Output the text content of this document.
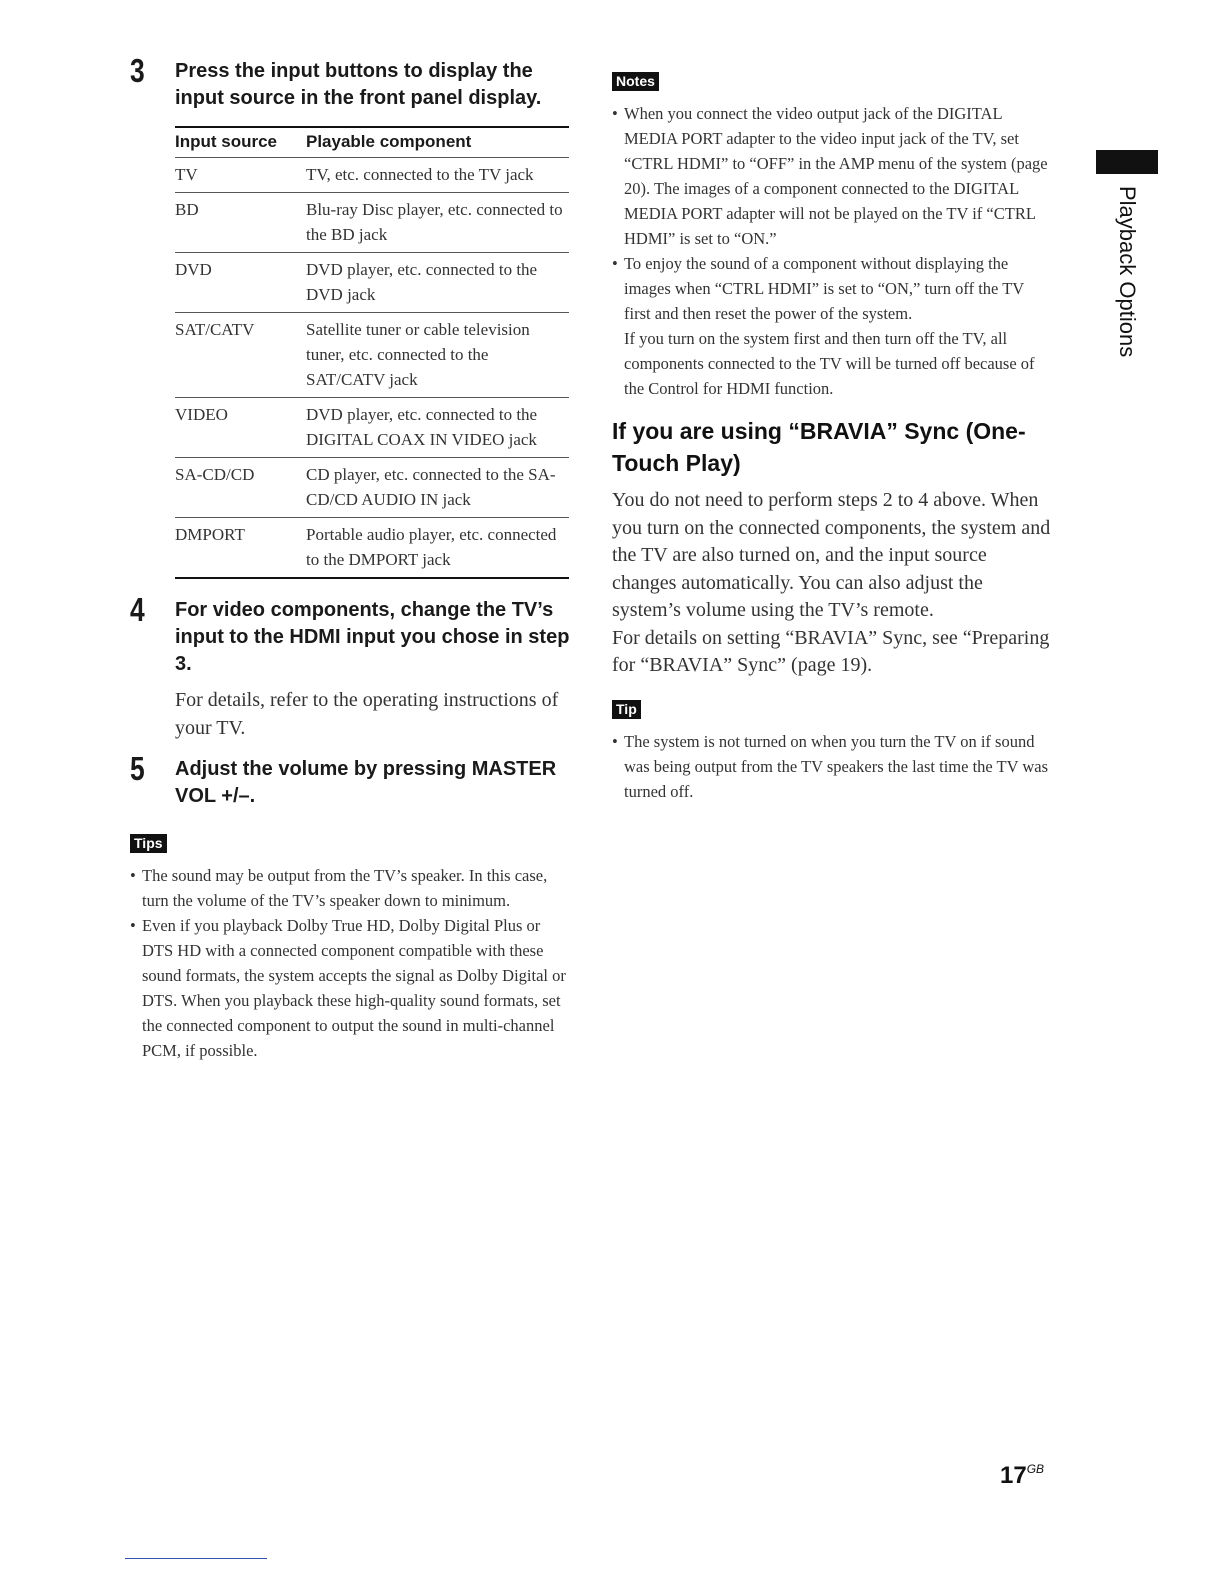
3 Press the input buttons to display the input source in the front panel display.

Input source	Playable component
TV	TV, etc. connected to the TV jack
BD	Blu-ray Disc player, etc. connected to the BD jack
DVD	DVD player, etc. connected to the DVD jack
SAT/CATV	Satellite tuner or cable television tuner, etc. connected to the SAT/CATV jack
VIDEO	DVD player, etc. connected to the DIGITAL COAX IN VIDEO jack
SA-CD/CD	CD player, etc. connected to the SA-CD/CD AUDIO IN jack
DMPORT	Portable audio player, etc. connected to the DMPORT jack
4 For video components, change the TV’s input to the HDMI input you chose in step 3.

For details, refer to the operating instructions of your TV.

5 Adjust the volume by pressing MASTER VOL +/–.

Tips
• The sound may be output from the TV’s speaker. In this case, turn the volume of the TV’s speaker down to minimum.
• Even if you playback Dolby True HD, Dolby Digital Plus or DTS HD with a connected component compatible with these sound formats, the system accepts the signal as Dolby Digital or DTS. When you playback these high-quality sound formats, set the connected component to output the sound in multi-channel PCM, if possible.
Notes
• When you connect the video output jack of the DIGITAL MEDIA PORT adapter to the video input jack of the TV, set “CTRL HDMI” to “OFF” in the AMP menu of the system (page 20). The images of a component connected to the DIGITAL MEDIA PORT adapter will not be played on the TV if “CTRL HDMI” is set to “ON.”
• To enjoy the sound of a component without displaying the images when “CTRL HDMI” is set to “ON,” turn off the TV first and then reset the power of the system.
If you turn on the system first and then turn off the TV, all components connected to the TV will be turned off because of the Control for HDMI function.
If you are using “BRAVIA” Sync (One-Touch Play)

You do not need to perform steps 2 to 4 above. When you turn on the connected components, the system and the TV are also turned on, and the input source changes automatically. You can also adjust the system’s volume using the TV’s remote.

For details on setting “BRAVIA” Sync, see “Preparing for “BRAVIA” Sync” (page 19).

Tip
• The system is not turned on when you turn the TV on if sound was being output from the TV speakers the last time the TV was turned off.
Playback Options
$17^{GB}$
